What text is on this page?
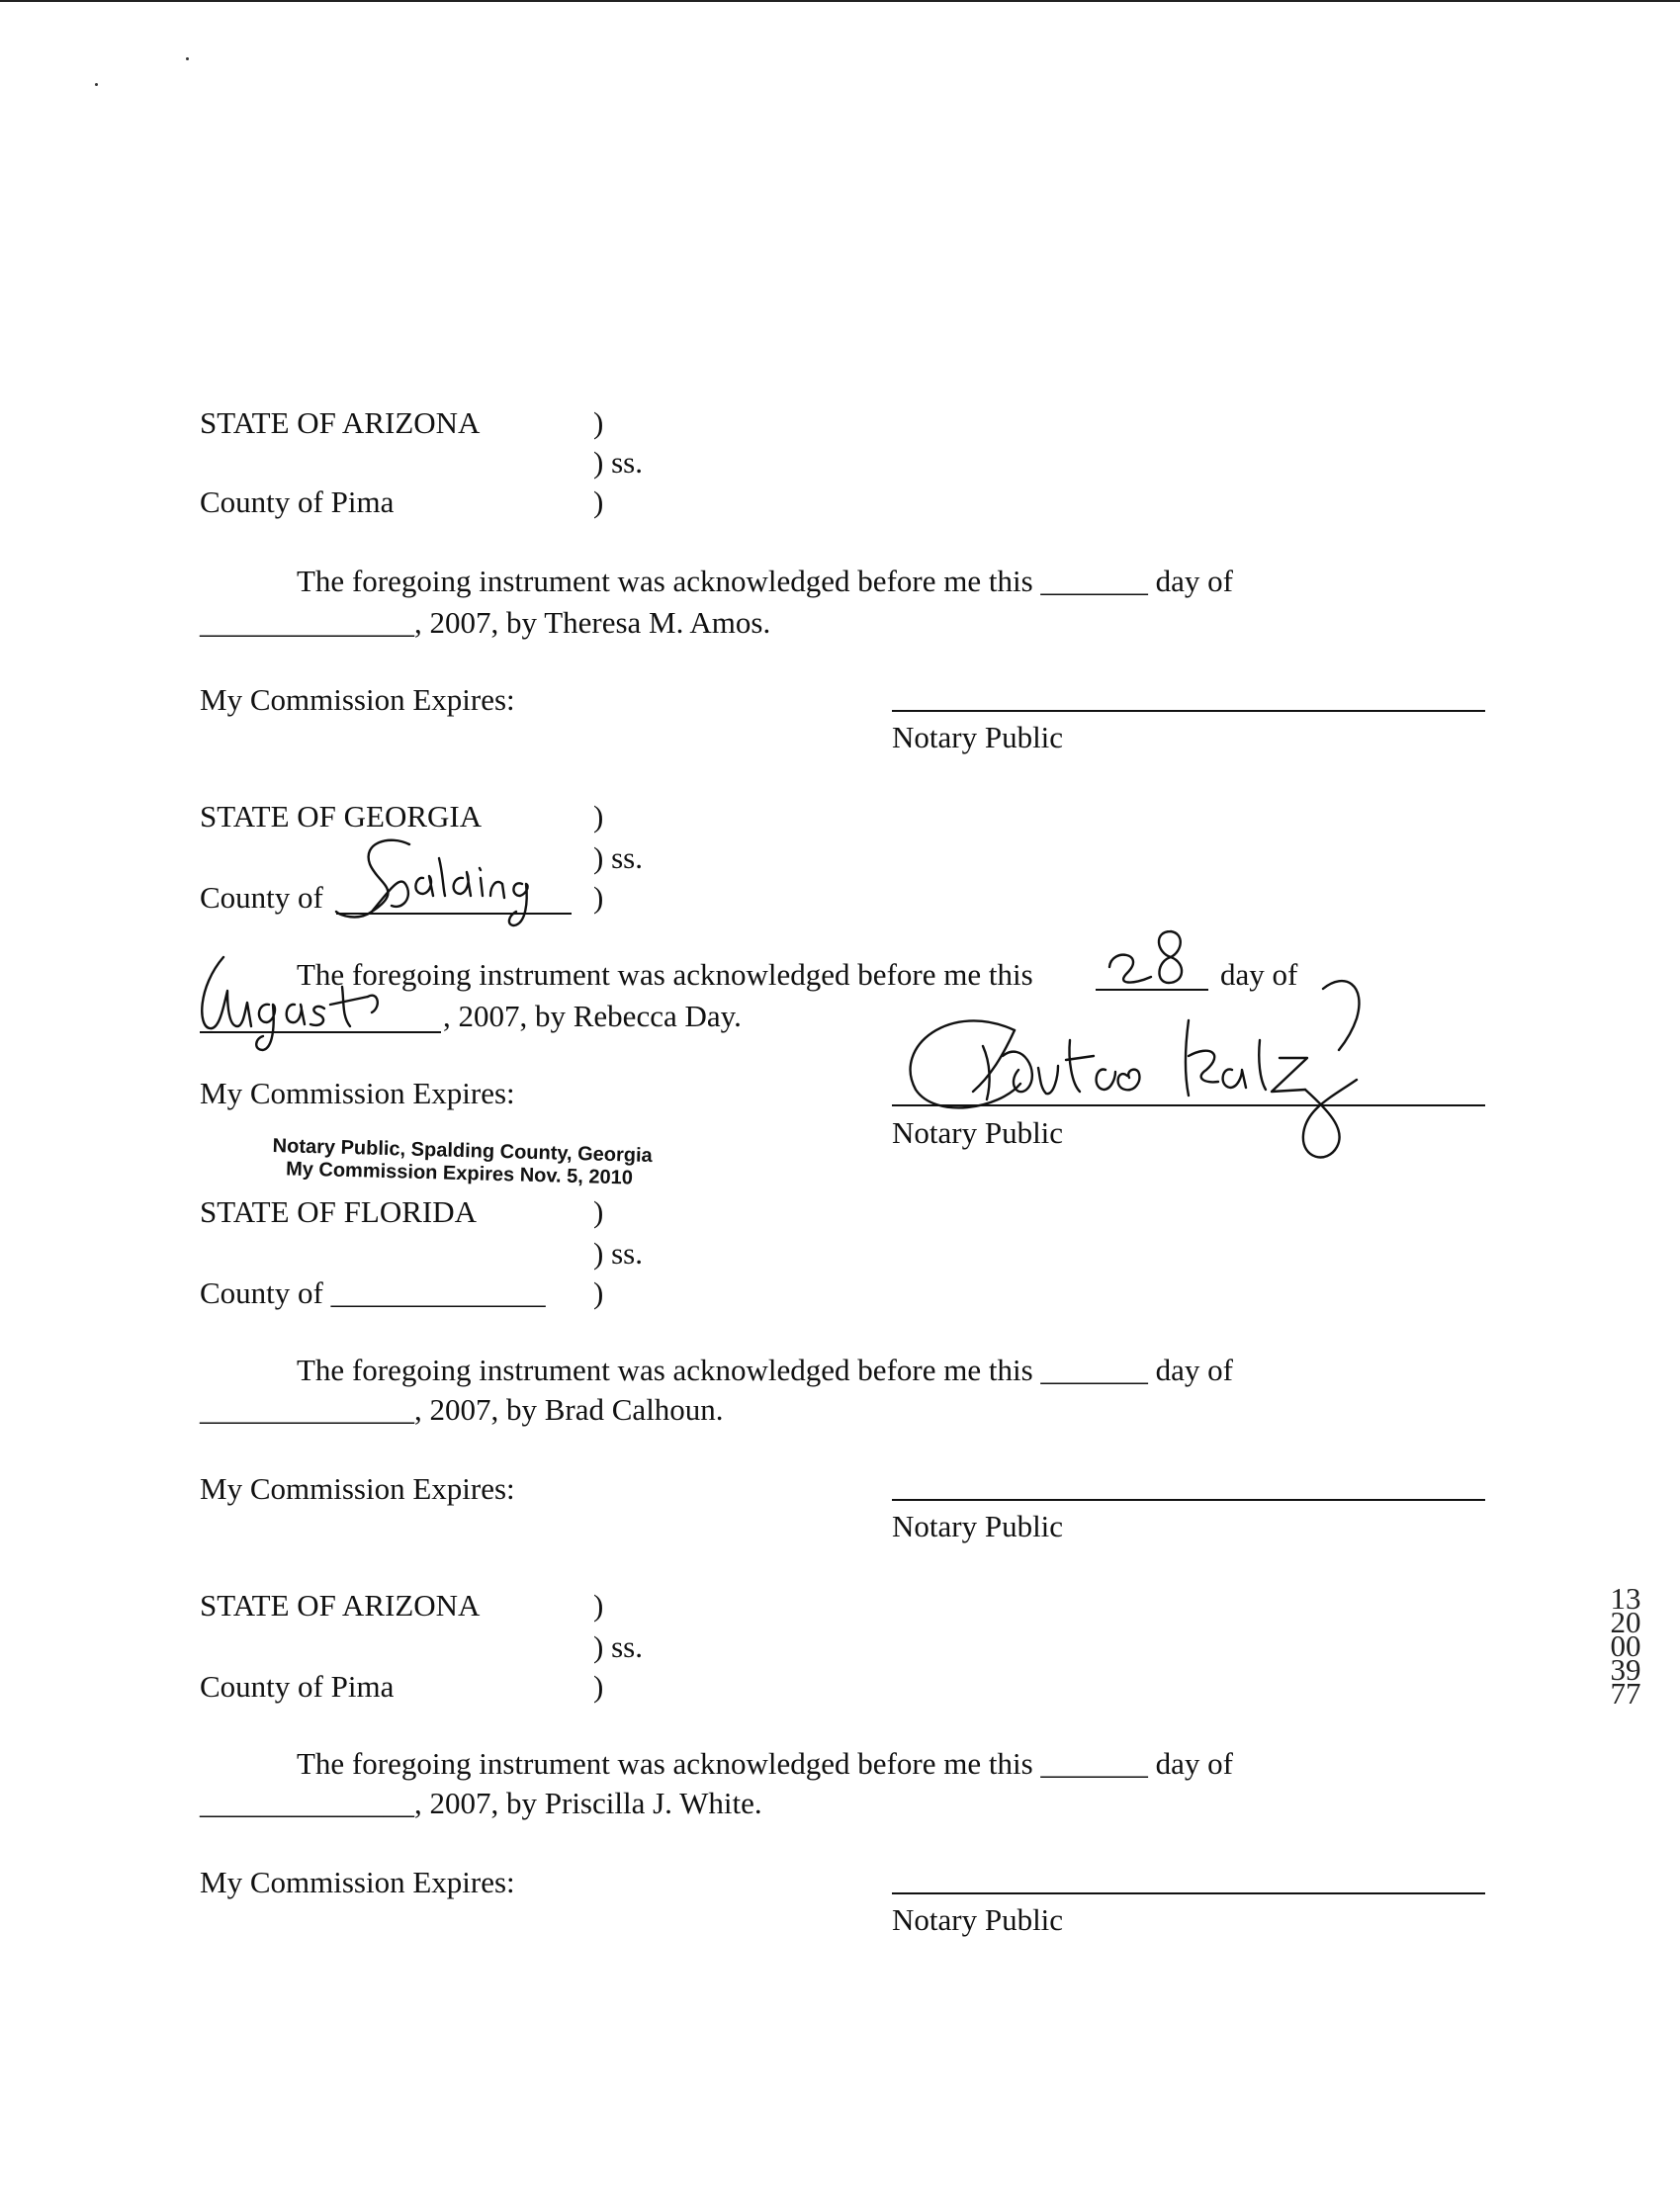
STATE OF ARIZONA	)
) ss.
County of Pima	)
The foregoing instrument was acknowledged before me this _______ day of
______________, 2007, by Theresa M. Amos.
My Commission Expires:
Notary Public
STATE OF GEORGIA	)
) ss.
County of	)
The foregoing instrument was acknowledged before me this	day of
, 2007, by Rebecca Day.
My Commission Expires:
Notary Public
Notary Public, Spalding County, Georgia
My Commission Expires Nov. 5, 2010
STATE OF FLORIDA	)
) ss.
County of ______________ )
The foregoing instrument was acknowledged before me this _______ day of
______________, 2007, by Brad Calhoun.
My Commission Expires:
Notary Public
STATE OF ARIZONA	)
) ss.
County of Pima	)
The foregoing instrument was acknowledged before me this _______ day of
______________, 2007, by Priscilla J. White.
My Commission Expires:
Notary Public
1320003977
